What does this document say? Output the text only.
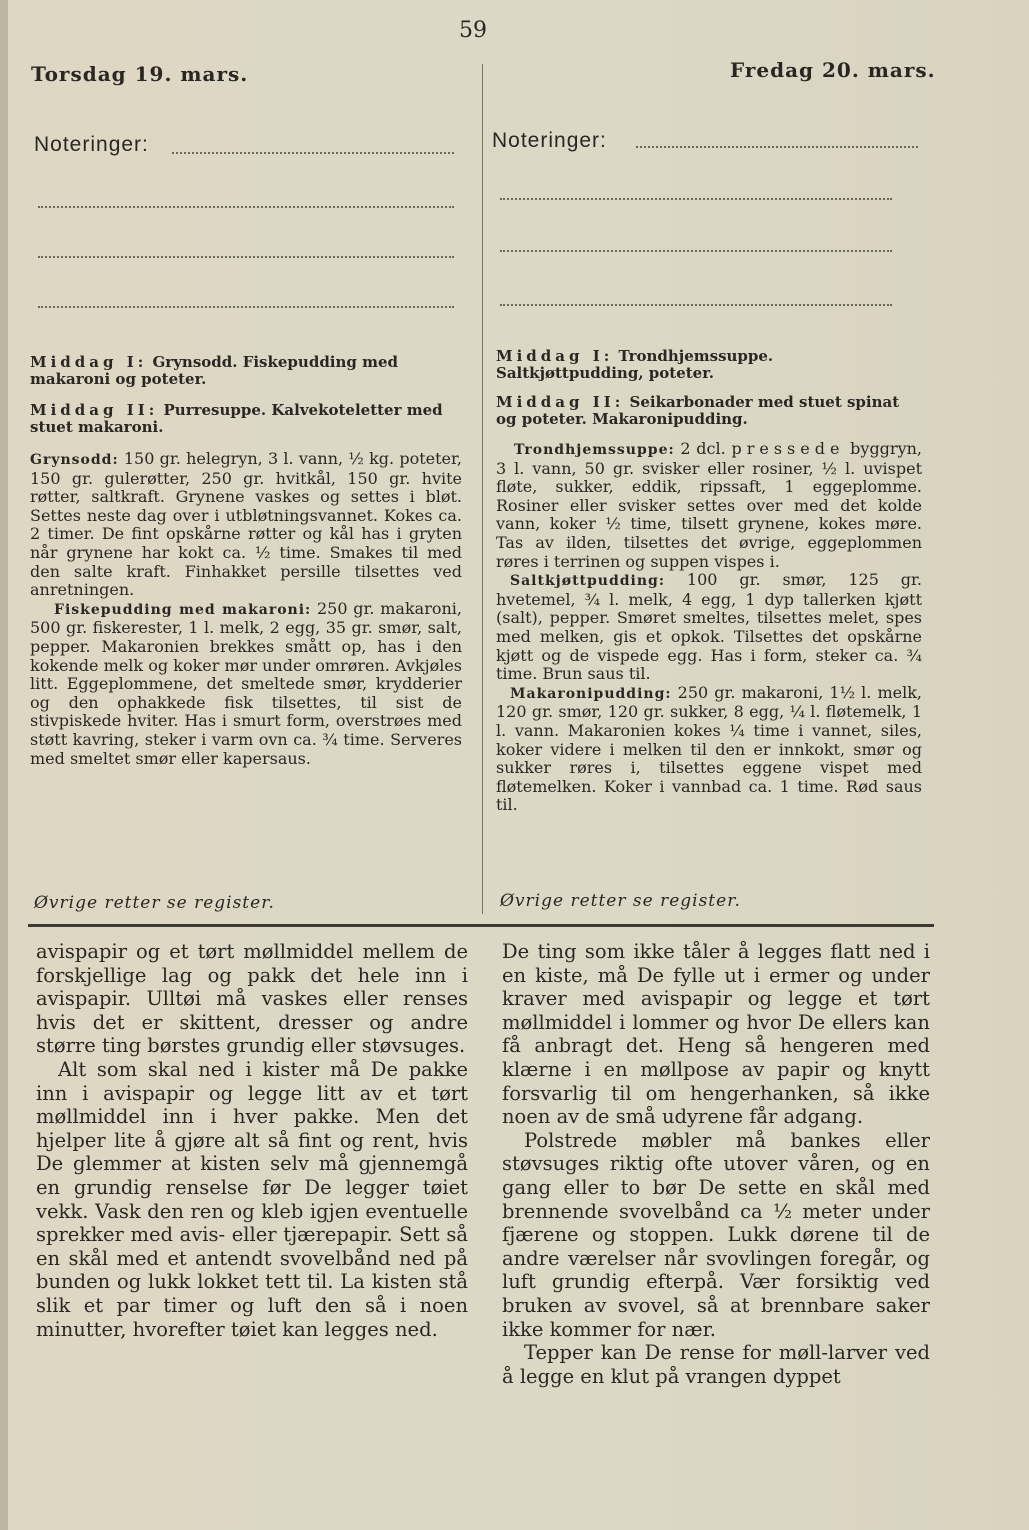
59
Torsdag 19. mars.	Fredag 20. mars.
Noteringer:	Noteringer:

Middag I: Grynsodd. Fiskepudding med makaroni og poteter.

Middag II: Purresuppe. Kalvekoteletter med stuet makaroni.

Grynsodd: 150 gr. helegryn, 3 l. vann, ½ kg. poteter, 150 gr. gulerøtter, 250 gr. hvitkål, 150 gr. hvite røtter, saltkraft. Grynene vaskes og settes i bløt. Settes neste dag over i utbløtningsvannet. Kokes ca. 2 timer. De fint opskårne røtter og kål has i gryten når grynene har kokt ca. ½ time. Smakes til med den salte kraft. Finhakket persille tilsettes ved anretningen.

Fiskepudding med makaroni: 250 gr. makaroni, 500 gr. fiskerester, 1 l. melk, 2 egg, 35 gr. smør, salt, pepper. Makaronien brekkes smått op, has i den kokende melk og koker mør under omrøren. Avkjøles litt. Eggeplommene, det smeltede smør, krydderier og den ophakkede fisk tilsettes, til sist de stivpiskede hviter. Has i smurt form, overstrøes med støtt kavring, steker i varm ovn ca. ¾ time. Serveres med smeltet smør eller kapersaus.

Øvrige retter se register.

Middag I: Trondhjemssuppe. Saltkjøttpudding, poteter.

Middag II: Seikarbonader med stuet spinat og poteter. Makaronipudding.

Trondhjemssuppe: 2 dcl. pressede byggryn, 3 l. vann, 50 gr. svisker eller rosiner, ½ l. uvispet fløte, sukker, eddik, ripssaft, 1 eggeplomme. Rosiner eller svisker settes over med det kolde vann, koker ½ time, tilsett grynene, kokes møre. Tas av ilden, tilsettes det øvrige, eggeplommen røres i terrinen og suppen vispes i.

Saltkjøttpudding: 100 gr. smør, 125 gr. hvetemel, ¾ l. melk, 4 egg, 1 dyp tallerken kjøtt (salt), pepper. Smøret smeltes, tilsettes melet, spes med melken, gis et opkok. Tilsettes det opskårne kjøtt og de vispede egg. Has i form, steker ca. ¾ time. Brun saus til.

Makaronipudding: 250 gr. makaroni, 1½ l. melk, 120 gr. smør, 120 gr. sukker, 8 egg, ¼ l. fløtemelk, 1 l. vann. Makaronien kokes ¼ time i vannet, siles, koker videre i melken til den er innkokt, smør og sukker røres i, tilsettes eggene vispet med fløtemelken. Koker i vannbad ca. 1 time. Rød saus til.

Øvrige retter se register.

avispapir og et tørt møllmiddel mellem de forskjellige lag og pakk det hele inn i avispapir. Ulltøi må vaskes eller renses hvis det er skittent, dresser og andre større ting børstes grundig eller støvsuges.

Alt som skal ned i kister må De pakke inn i avispapir og legge litt av et tørt møllmiddel inn i hver pakke. Men det hjelper lite å gjøre alt så fint og rent, hvis De glemmer at kisten selv må gjennemgå en grundig renselse før De legger tøiet vekk. Vask den ren og kleb igjen eventuelle sprekker med avis- eller tjærepapir. Sett så en skål med et antendt svovelbånd ned på bunden og lukk lokket tett til. La kisten stå slik et par timer og luft den så i noen minutter, hvorefter tøiet kan legges ned.

De ting som ikke tåler å legges flatt ned i en kiste, må De fylle ut i ermer og under kraver med avispapir og legge et tørt møllmiddel i lommer og hvor De ellers kan få anbragt det. Heng så hengeren med klærne i en møllpose av papir og knytt forsvarlig til om hengerhanken, så ikke noen av de små udyrene får adgang.

Polstrede møbler må bankes eller støvsuges riktig ofte utover våren, og en gang eller to bør De sette en skål med brennende svovelbånd ca ½ meter under fjærene og stoppen. Lukk dørene til de andre værelser når svovlingen foregår, og luft grundig efterpå. Vær forsiktig ved bruken av svovel, så at brennbare saker ikke kommer for nær.

Tepper kan De rense for møll-larver ved å legge en klut på vrangen dyppet
